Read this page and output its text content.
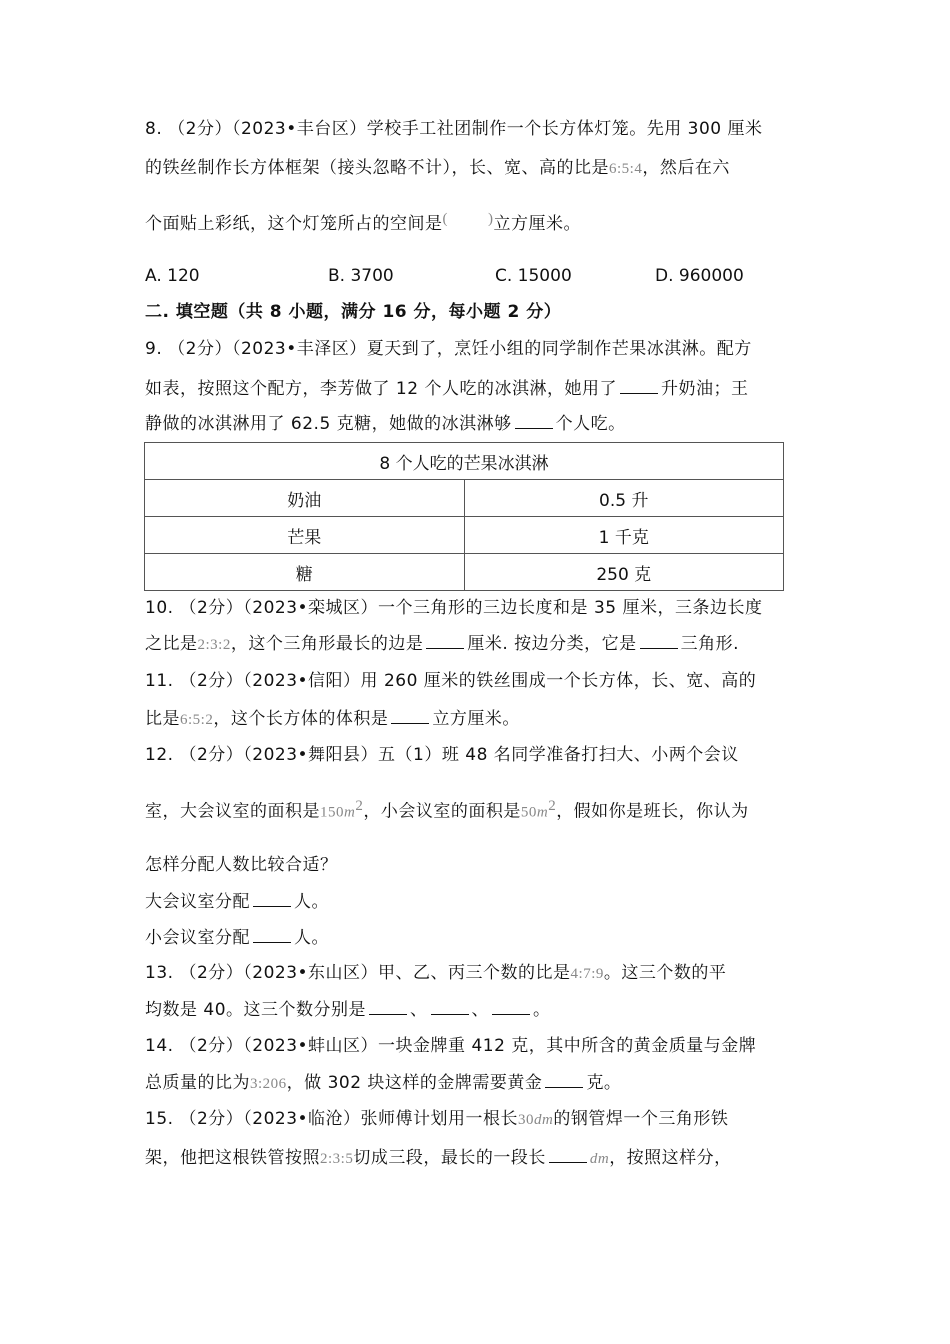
8. （2分）（2023•丰台区）学校手工社团制作一个长方体灯笼。先用 300 厘米
的铁丝制作长方体框架（接头忽略不计），长、宽、高的比是6:5:4，然后在六
个面贴上彩纸，这个灯笼所占的空间是(	)立方厘米。
A. 120	B. 3700	C. 15000	D. 960000
二. 填空题（共 8 小题，满分 16 分，每小题 2 分）
9. （2分）（2023•丰泽区）夏天到了，烹饪小组的同学制作芒果冰淇淋。配方
如表，按照这个配方，李芳做了 12 个人吃的冰淇淋，她用了	升奶油；王
静做的冰淇淋用了 62.5 克糖，她做的冰淇淋够	个人吃。
8 个人吃的芒果冰淇淋	
奶油	0.5 升
芒果	1 千克
糖	250 克
10. （2分）（2023•栾城区）一个三角形的三边长度和是 35 厘米，三条边长度
之比是2:3:2，这个三角形最长的边是	厘米. 按边分类，它是	三角形.
11. （2分）（2023•信阳）用 260 厘米的铁丝围成一个长方体，长、宽、高的
比是6:5:2，这个长方体的体积是	立方厘米。
12. （2分）（2023•舞阳县）五（1）班 48 名同学准备打扫大、小两个会议
室，大会议室的面积是$150m^2$，小会议室的面积是$50m^2$，假如你是班长，你认为
怎样分配人数比较合适？
大会议室分配	人。
小会议室分配	人。
13. （2分）（2023•东山区）甲、乙、丙三个数的比是4:7:9。这三个数的平
均数是 40。这三个数分别是	、	、	。
14. （2分）（2023•蚌山区）一块金牌重 412 克，其中所含的黄金质量与金牌
总质量的比为3:206，做 302 块这样的金牌需要黄金	克。
15. （2分）（2023•临沧）张师傅计划用一根长30dm的钢管焊一个三角形铁
架，他把这根铁管按照2:3:5切成三段，最长的一段长	dm，按照这样分，
